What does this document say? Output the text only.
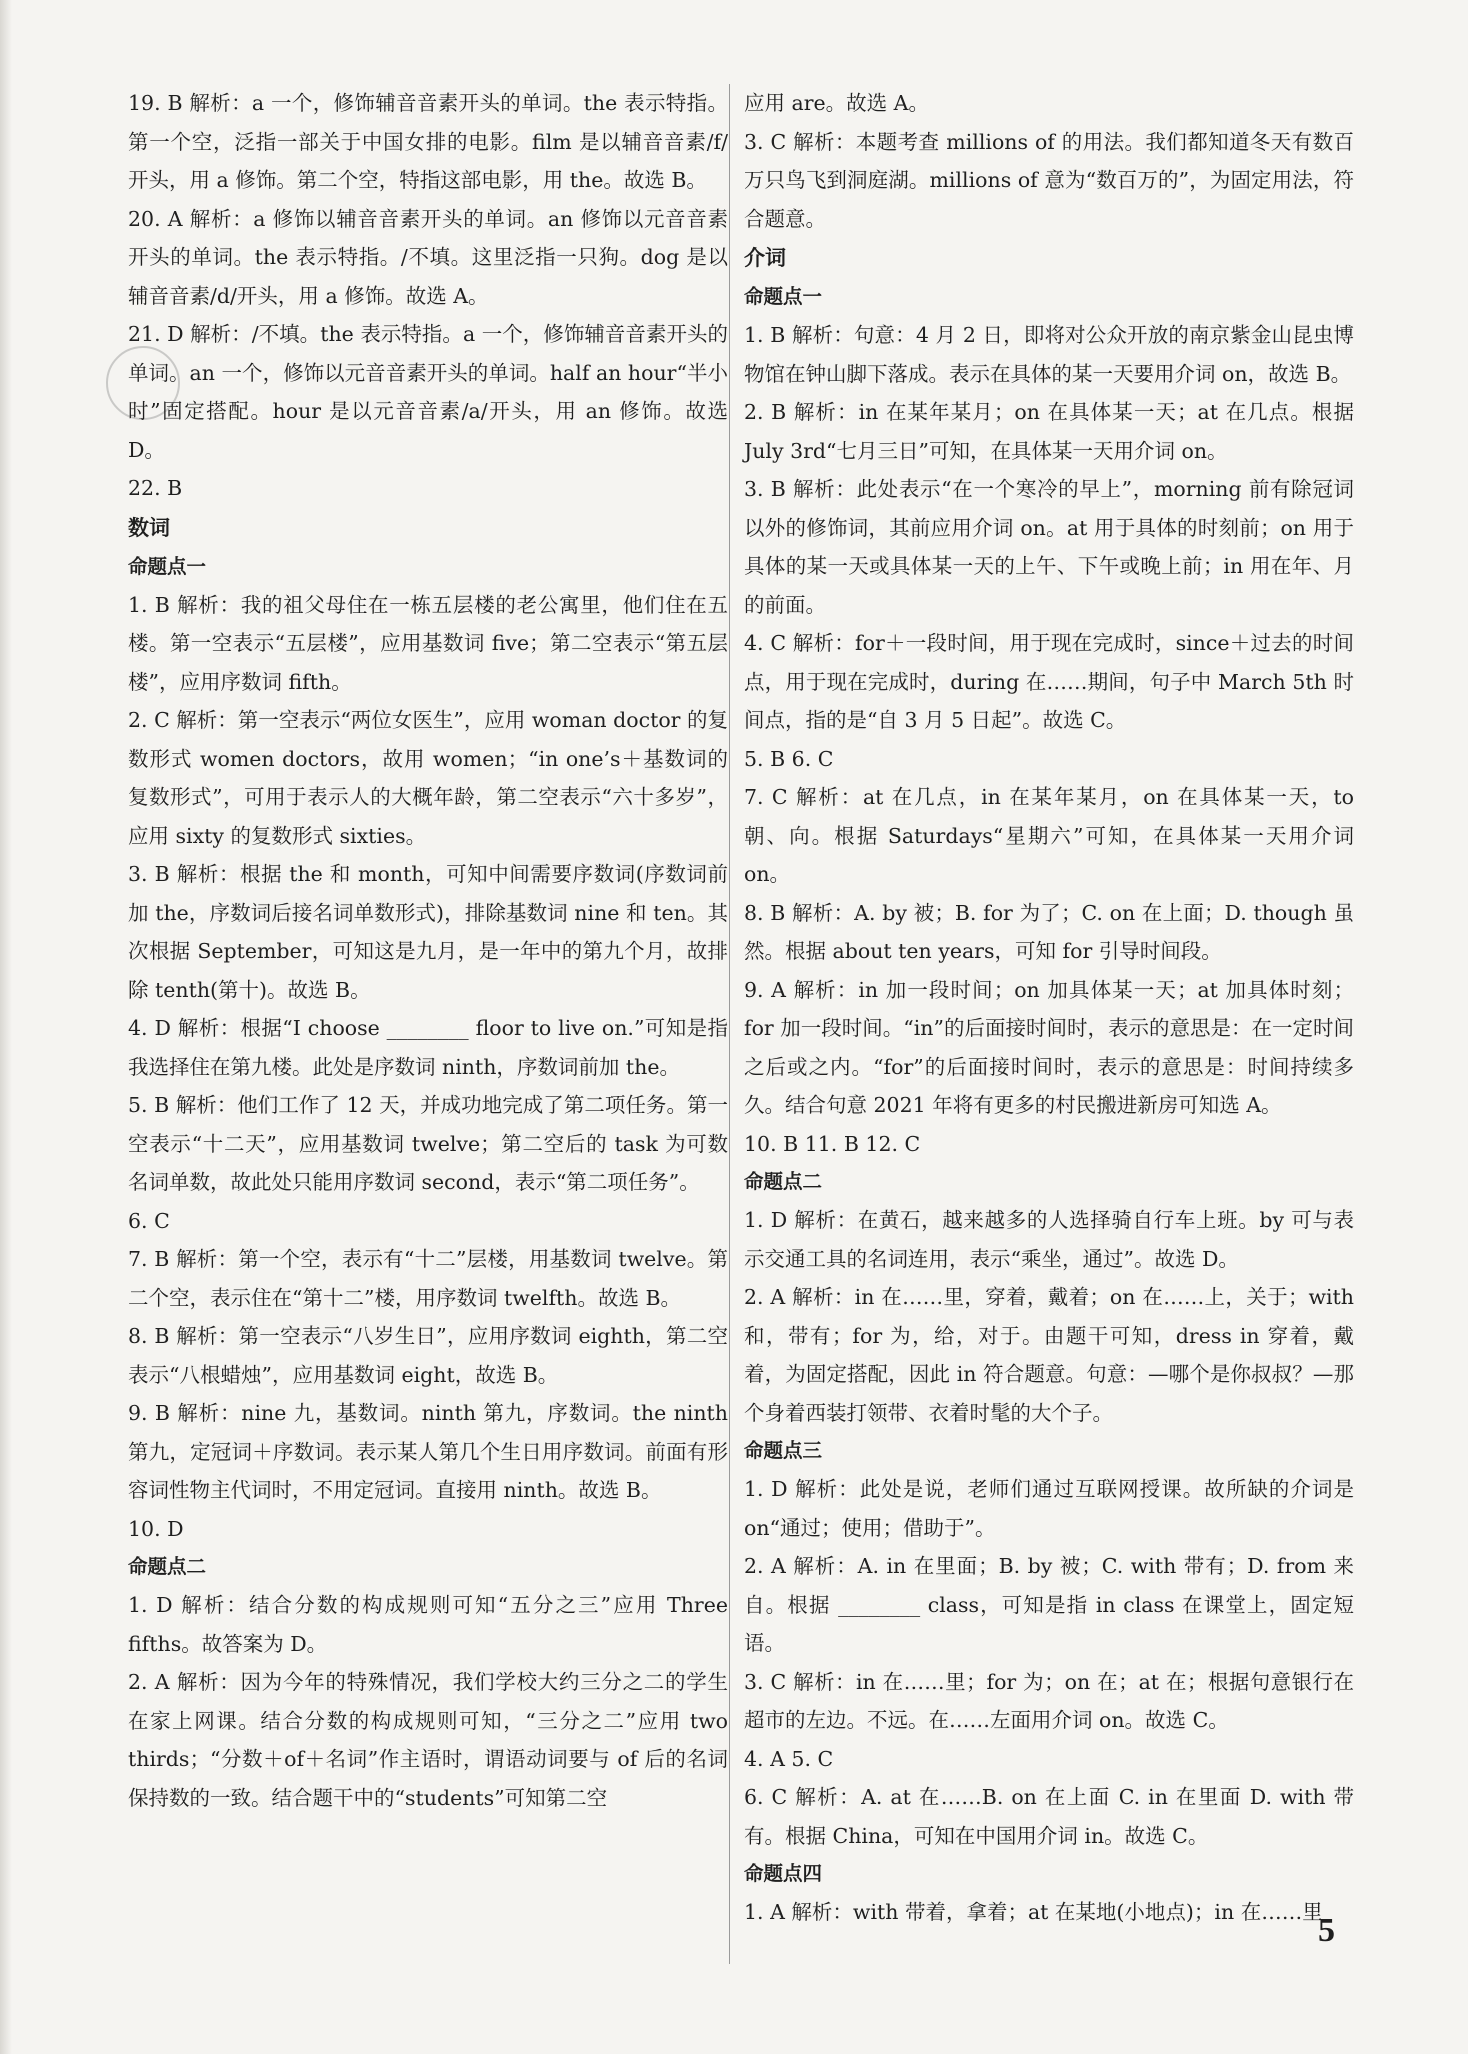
19. B 解析：a 一个，修饰辅音音素开头的单词。the 表示特指。第一个空，泛指一部关于中国女排的电影。film 是以辅音音素/f/开头，用 a 修饰。第二个空，特指这部电影，用 the。故选 B。

20. A 解析：a 修饰以辅音音素开头的单词。an 修饰以元音音素开头的单词。the 表示特指。/不填。这里泛指一只狗。dog 是以辅音音素/d/开头，用 a 修饰。故选 A。

21. D 解析：/不填。the 表示特指。a 一个，修饰辅音音素开头的单词。an 一个，修饰以元音音素开头的单词。half an hour“半小时”固定搭配。hour 是以元音音素/a/开头，用 an 修饰。故选 D。

22. B

数词

命题点一

1. B 解析：我的祖父母住在一栋五层楼的老公寓里，他们住在五楼。第一空表示“五层楼”，应用基数词 five；第二空表示“第五层楼”，应用序数词 fifth。

2. C 解析：第一空表示“两位女医生”，应用 woman doctor 的复数形式 women doctors，故用 women；“in one’s＋基数词的复数形式”，可用于表示人的大概年龄，第二空表示“六十多岁”，应用 sixty 的复数形式 sixties。

3. B 解析：根据 the 和 month，可知中间需要序数词(序数词前加 the，序数词后接名词单数形式)，排除基数词 nine 和 ten。其次根据 September，可知这是九月，是一年中的第九个月，故排除 tenth(第十)。故选 B。

4. D 解析：根据“I choose ________ floor to live on.”可知是指我选择住在第九楼。此处是序数词 ninth，序数词前加 the。

5. B 解析：他们工作了 12 天，并成功地完成了第二项任务。第一空表示“十二天”，应用基数词 twelve；第二空后的 task 为可数名词单数，故此处只能用序数词 second，表示“第二项任务”。

6. C

7. B 解析：第一个空，表示有“十二”层楼，用基数词 twelve。第二个空，表示住在“第十二”楼，用序数词 twelfth。故选 B。

8. B 解析：第一空表示“八岁生日”，应用序数词 eighth，第二空表示“八根蜡烛”，应用基数词 eight，故选 B。

9. B 解析：nine 九，基数词。ninth 第九，序数词。the ninth 第九，定冠词＋序数词。表示某人第几个生日用序数词。前面有形容词性物主代词时，不用定冠词。直接用 ninth。故选 B。

10. D

命题点二

1. D 解析：结合分数的构成规则可知“五分之三”应用 Three fifths。故答案为 D。

2. A 解析：因为今年的特殊情况，我们学校大约三分之二的学生在家上网课。结合分数的构成规则可知，“三分之二”应用 two thirds；“分数＋of＋名词”作主语时，谓语动词要与 of 后的名词保持数的一致。结合题干中的“students”可知第二空

应用 are。故选 A。

3. C 解析：本题考查 millions of 的用法。我们都知道冬天有数百万只鸟飞到洞庭湖。millions of 意为“数百万的”，为固定用法，符合题意。

介词

命题点一

1. B 解析：句意：4 月 2 日，即将对公众开放的南京紫金山昆虫博物馆在钟山脚下落成。表示在具体的某一天要用介词 on，故选 B。

2. B 解析：in 在某年某月；on 在具体某一天；at 在几点。根据 July 3rd“七月三日”可知，在具体某一天用介词 on。

3. B 解析：此处表示“在一个寒冷的早上”，morning 前有除冠词以外的修饰词，其前应用介词 on。at 用于具体的时刻前；on 用于具体的某一天或具体某一天的上午、下午或晚上前；in 用在年、月的前面。

4. C 解析：for＋一段时间，用于现在完成时，since＋过去的时间点，用于现在完成时，during 在……期间，句子中 March 5th 时间点，指的是“自 3 月 5 日起”。故选 C。

5. B 6. C

7. C 解析：at 在几点，in 在某年某月，on 在具体某一天，to 朝、向。根据 Saturdays“星期六”可知，在具体某一天用介词 on。

8. B 解析：A. by 被；B. for 为了；C. on 在上面；D. though 虽然。根据 about ten years，可知 for 引导时间段。

9. A 解析：in 加一段时间；on 加具体某一天；at 加具体时刻；for 加一段时间。“in”的后面接时间时，表示的意思是：在一定时间之后或之内。“for”的后面接时间时，表示的意思是：时间持续多久。结合句意 2021 年将有更多的村民搬进新房可知选 A。

10. B 11. B 12. C

命题点二

1. D 解析：在黄石，越来越多的人选择骑自行车上班。by 可与表示交通工具的名词连用，表示“乘坐，通过”。故选 D。

2. A 解析：in 在……里，穿着，戴着；on 在……上，关于；with 和，带有；for 为，给，对于。由题干可知，dress in 穿着，戴着，为固定搭配，因此 in 符合题意。句意：—哪个是你叔叔？—那个身着西装打领带、衣着时髦的大个子。

命题点三

1. D 解析：此处是说，老师们通过互联网授课。故所缺的介词是 on“通过；使用；借助于”。

2. A 解析：A. in 在里面；B. by 被；C. with 带有；D. from 来自。根据 ________ class，可知是指 in class 在课堂上，固定短语。

3. C 解析：in 在……里；for 为；on 在；at 在；根据句意银行在超市的左边。不远。在……左面用介词 on。故选 C。

4. A 5. C

6. C 解析：A. at 在……B. on 在上面 C. in 在里面 D. with 带有。根据 China，可知在中国用介词 in。故选 C。

命题点四

1. A 解析：with 带着，拿着；at 在某地(小地点)；in 在……里

5
